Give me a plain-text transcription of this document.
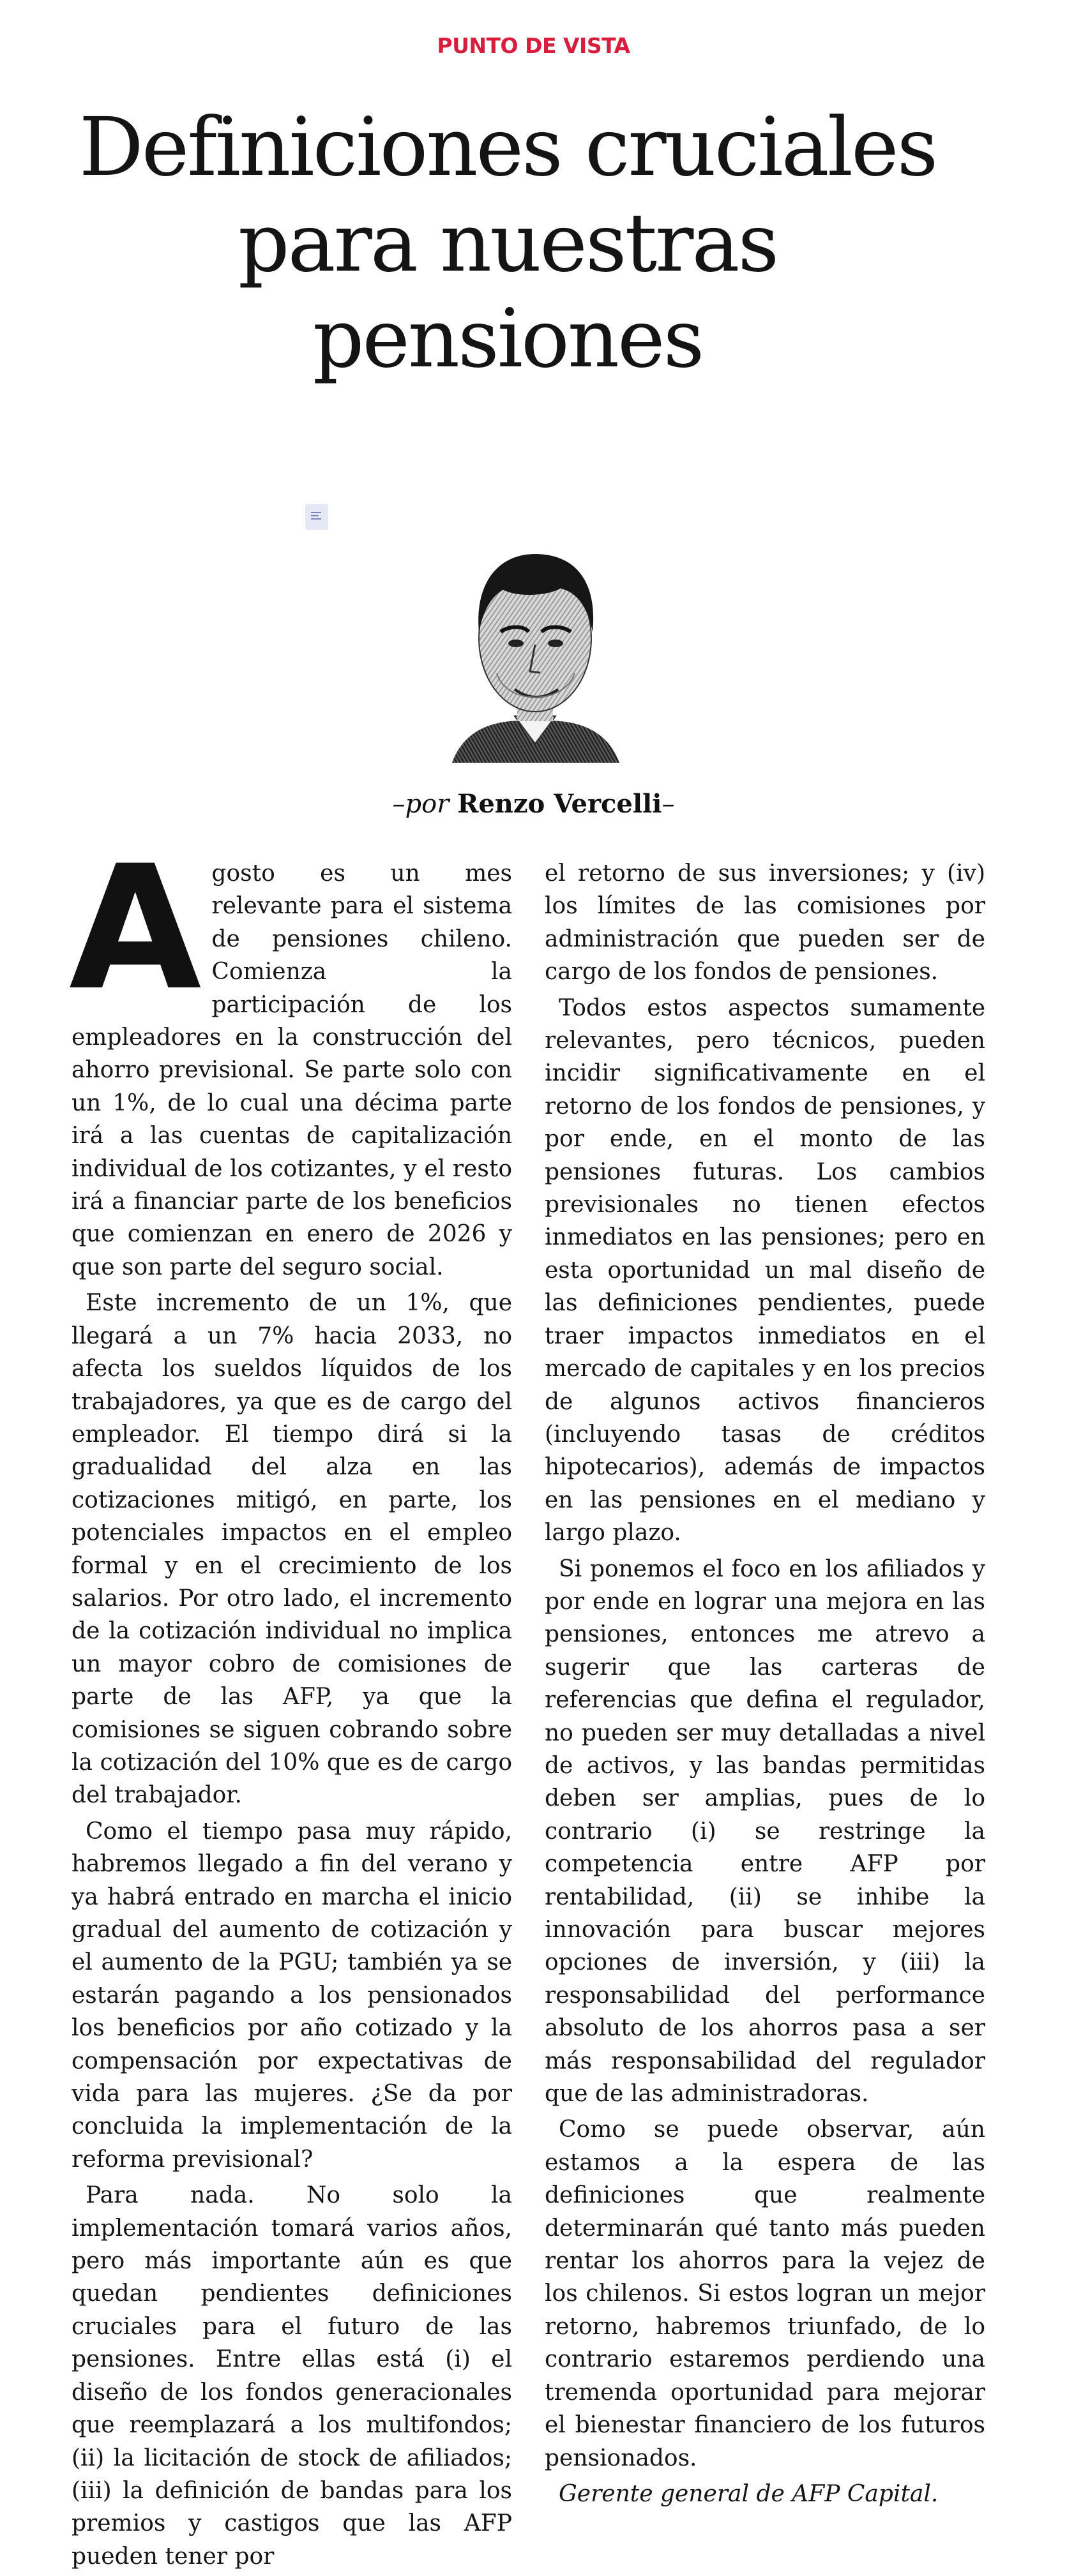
PUNTO DE VISTA
Definiciones cruciales para nuestras pensiones
–por Renzo Vercelli–

Agosto es un mes relevante para el sistema de pensiones chileno. Comienza la participación de los empleadores en la construcción del ahorro previsional. Se parte solo con un 1%, de lo cual una décima parte irá a las cuentas de capitalización individual de los cotizantes, y el resto irá a financiar parte de los beneficios que comienzan en enero de 2026 y que son parte del seguro social.

Este incremento de un 1%, que llegará a un 7% hacia 2033, no afecta los sueldos líquidos de los trabajadores, ya que es de cargo del empleador. El tiempo dirá si la gradualidad del alza en las cotizaciones mitigó, en parte, los potenciales impactos en el empleo formal y en el crecimiento de los salarios. Por otro lado, el incremento de la cotización individual no implica un mayor cobro de comisiones de parte de las AFP, ya que la comisiones se siguen cobrando sobre la cotización del 10% que es de cargo del trabajador.

Como el tiempo pasa muy rápido, habremos llegado a fin del verano y ya habrá entrado en marcha el inicio gradual del aumento de cotización y el aumento de la PGU; también ya se estarán pagando a los pensionados los beneficios por año cotizado y la compensación por expectativas de vida para las mujeres. ¿Se da por concluida la implementación de la reforma previsional?

Para nada. No solo la implementación tomará varios años, pero más importante aún es que quedan pendientes definiciones cruciales para el futuro de las pensiones. Entre ellas está (i) el diseño de los fondos generacionales que reemplazará a los multifondos; (ii) la licitación de stock de afiliados; (iii) la definición de bandas para los premios y castigos que las AFP pueden tener por

el retorno de sus inversiones; y (iv) los límites de las comisiones por administración que pueden ser de cargo de los fondos de pensiones.

Todos estos aspectos sumamente relevantes, pero técnicos, pueden incidir significativamente en el retorno de los fondos de pensiones, y por ende, en el monto de las pensiones futuras. Los cambios previsionales no tienen efectos inmediatos en las pensiones; pero en esta oportunidad un mal diseño de las definiciones pendientes, puede traer impactos inmediatos en el mercado de capitales y en los precios de algunos activos financieros (incluyendo tasas de créditos hipotecarios), además de impactos en las pensiones en el mediano y largo plazo.

Si ponemos el foco en los afiliados y por ende en lograr una mejora en las pensiones, entonces me atrevo a sugerir que las carteras de referencias que defina el regulador, no pueden ser muy detalladas a nivel de activos, y las bandas permitidas deben ser amplias, pues de lo contrario (i) se restringe la competencia entre AFP por rentabilidad, (ii) se inhibe la innovación para buscar mejores opciones de inversión, y (iii) la responsabilidad del performance absoluto de los ahorros pasa a ser más responsabilidad del regulador que de las administradoras.

Como se puede observar, aún estamos a la espera de las definiciones que realmente determinarán qué tanto más pueden rentar los ahorros para la vejez de los chilenos. Si estos logran un mejor retorno, habremos triunfado, de lo contrario estaremos perdiendo una tremenda oportunidad para mejorar el bienestar financiero de los futuros pensionados.

Gerente general de AFP Capital.
